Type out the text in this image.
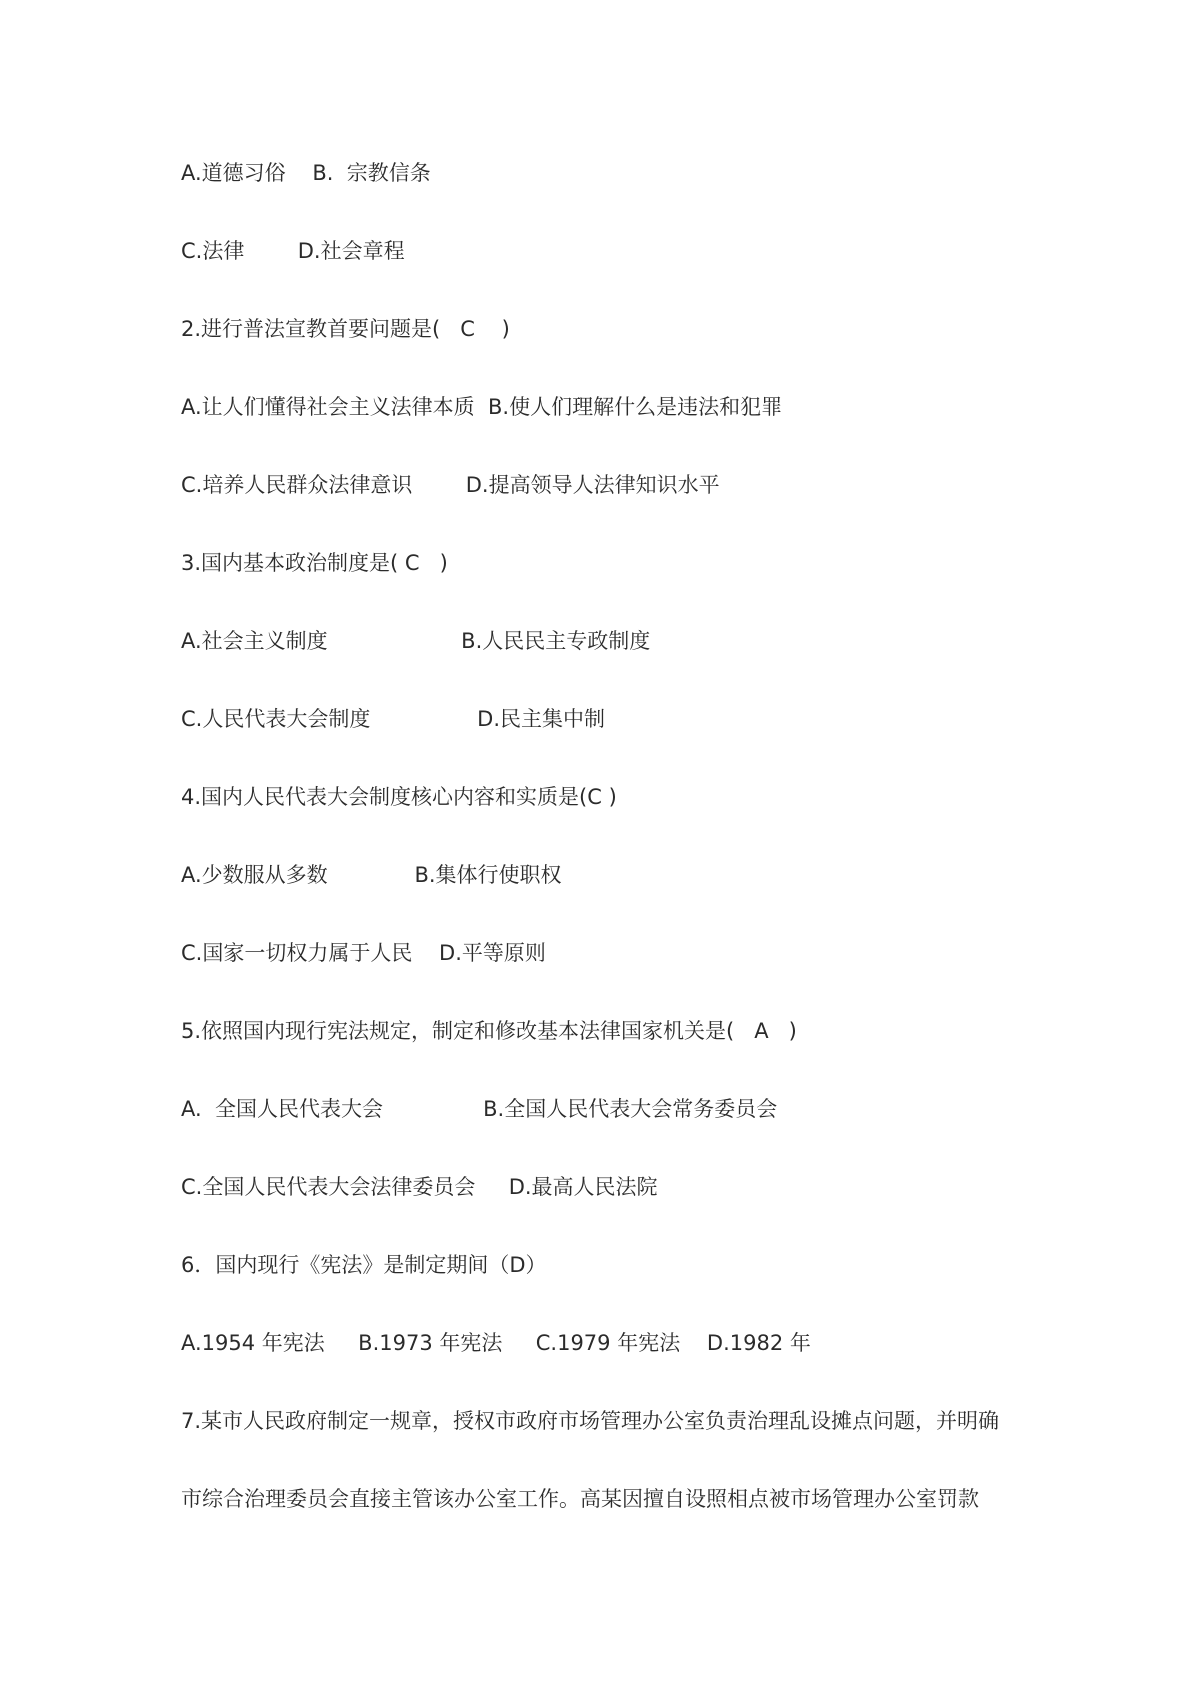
A.道德习俗    B.  宗教信条
C.法律        D.社会章程
2.进行普法宣教首要问题是(   C    )
A.让人们懂得社会主义法律本质  B.使人们理解什么是违法和犯罪
C.培养人民群众法律意识        D.提高领导人法律知识水平
3.国内基本政治制度是( C   )
A.社会主义制度                    B.人民民主专政制度
C.人民代表大会制度                D.民主集中制
4.国内人民代表大会制度核心内容和实质是(C )
A.少数服从多数             B.集体行使职权
C.国家一切权力属于人民    D.平等原则
5.依照国内现行宪法规定，制定和修改基本法律国家机关是(   A   )
A.  全国人民代表大会               B.全国人民代表大会常务委员会
C.全国人民代表大会法律委员会     D.最高人民法院
6．国内现行《宪法》是制定期间（D）
A.1954 年宪法     B.1973 年宪法     C.1979 年宪法    D.1982 年
7.某市人民政府制定一规章，授权市政府市场管理办公室负责治理乱设摊点问题，并明确
市综合治理委员会直接主管该办公室工作。高某因擅自设照相点被市场管理办公室罚款
